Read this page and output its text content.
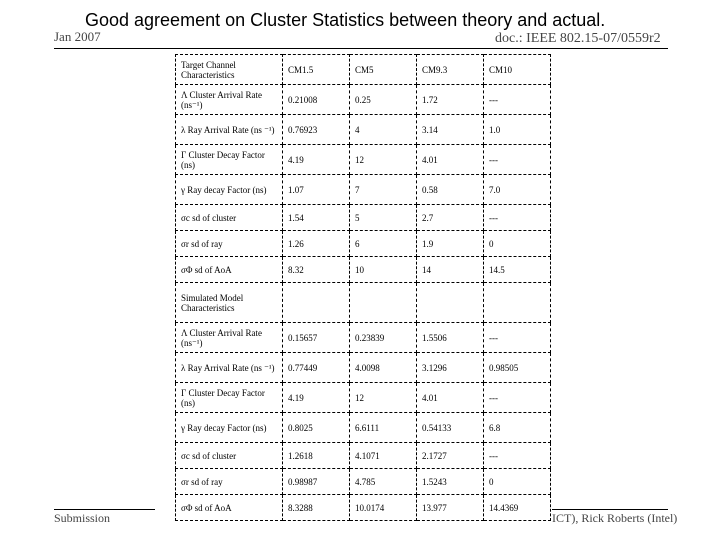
Jan 2007	doc.: IEEE 802.15-07/0559r2
Good agreement on Cluster Statistics between theory and actual.
Target Channel Characteristics	CM1.5	CM5	CM9.3	CM10
Λ Cluster Arrival Rate (ns⁻¹)	0.21008	0.25	1.72	---
λ Ray Arrival Rate (ns ⁻¹)	0.76923	4	3.14	1.0
Γ Cluster Decay Factor (ns)	4.19	12	4.01	---
γ Ray decay Factor (ns)	1.07	7	0.58	7.0
σc sd of cluster	1.54	5	2.7	---
σr sd of ray	1.26	6	1.9	0
σΦ sd of AoA	8.32	10	14	14.5
Simulated Model Characteristics				
Λ Cluster Arrival Rate (ns⁻¹)	0.15657	0.23839	1.5506	---
λ Ray Arrival Rate (ns ⁻¹)	0.77449	4.0098	3.1296	0.98505
Γ Cluster Decay Factor (ns)	4.19	12	4.01	---
γ Ray decay Factor (ns)	0.8025	6.6111	0.54133	6.8
σc sd of cluster	1.2618	4.1071	2.1727	---
σr sd of ray	0.98987	4.785	1.5243	0
σΦ sd of AoA	8.3288	10.0174	13.977	14.4369
Submission	ICT), Rick Roberts (Intel)
